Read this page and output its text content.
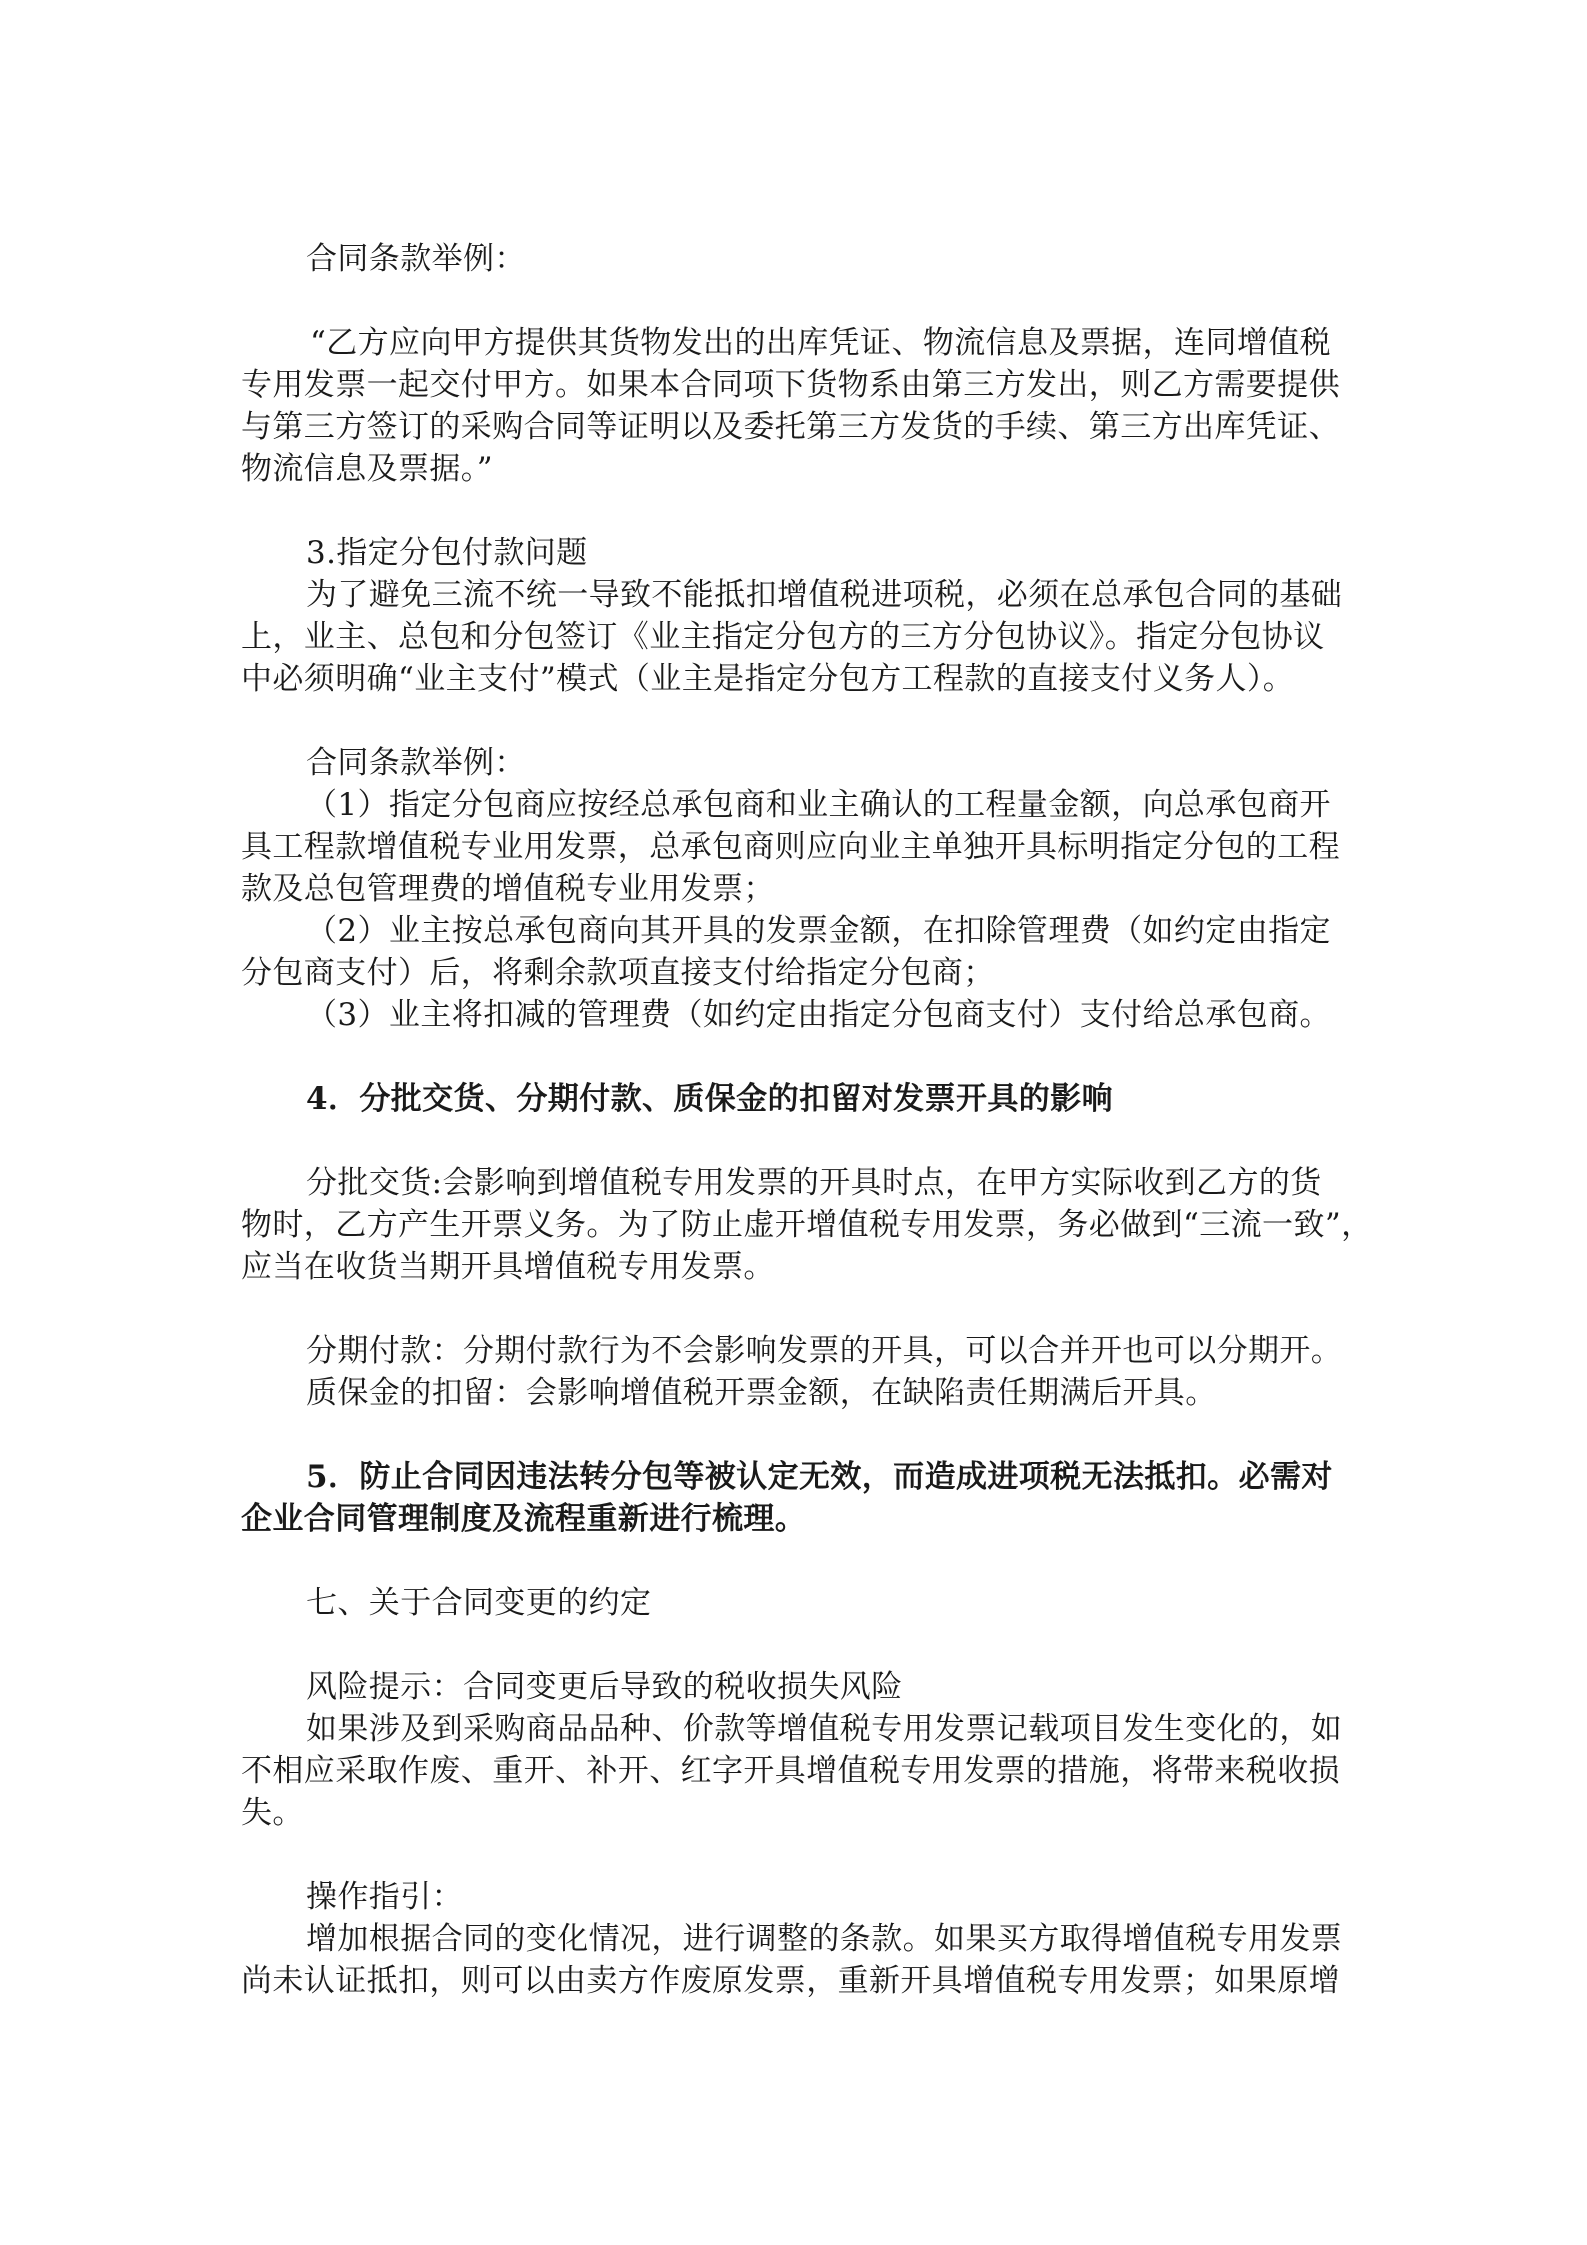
合同条款举例：
“乙方应向甲方提供其货物发出的出库凭证、物流信息及票据，连同增值税
专用发票一起交付甲方。如果本合同项下货物系由第三方发出，则乙方需要提供
与第三方签订的采购合同等证明以及委托第三方发货的手续、第三方出库凭证、
物流信息及票据。”
3.指定分包付款问题
为了避免三流不统一导致不能抵扣增值税进项税，必须在总承包合同的基础
上，业主、总包和分包签订《业主指定分包方的三方分包协议》。指定分包协议
中必须明确“业主支付”模式（业主是指定分包方工程款的直接支付义务人）。
合同条款举例：
（1）指定分包商应按经总承包商和业主确认的工程量金额，向总承包商开
具工程款增值税专业用发票，总承包商则应向业主单独开具标明指定分包的工程
款及总包管理费的增值税专业用发票；
（2）业主按总承包商向其开具的发票金额，在扣除管理费（如约定由指定
分包商支付）后，将剩余款项直接支付给指定分包商；
（3）业主将扣减的管理费（如约定由指定分包商支付）支付给总承包商。
4．分批交货、分期付款、质保金的扣留对发票开具的影响
分批交货:会影响到增值税专用发票的开具时点，在甲方实际收到乙方的货
物时，乙方产生开票义务。为了防止虚开增值税专用发票，务必做到“三流一致”，
应当在收货当期开具增值税专用发票。
分期付款：分期付款行为不会影响发票的开具，可以合并开也可以分期开。
质保金的扣留：会影响增值税开票金额，在缺陷责任期满后开具。
5．防止合同因违法转分包等被认定无效，而造成进项税无法抵扣。必需对
企业合同管理制度及流程重新进行梳理。
七、关于合同变更的约定
风险提示：合同变更后导致的税收损失风险
如果涉及到采购商品品种、价款等增值税专用发票记载项目发生变化的，如
不相应采取作废、重开、补开、红字开具增值税专用发票的措施，将带来税收损
失。
操作指引：
增加根据合同的变化情况，进行调整的条款。如果买方取得增值税专用发票
尚未认证抵扣，则可以由卖方作废原发票，重新开具增值税专用发票；如果原增
